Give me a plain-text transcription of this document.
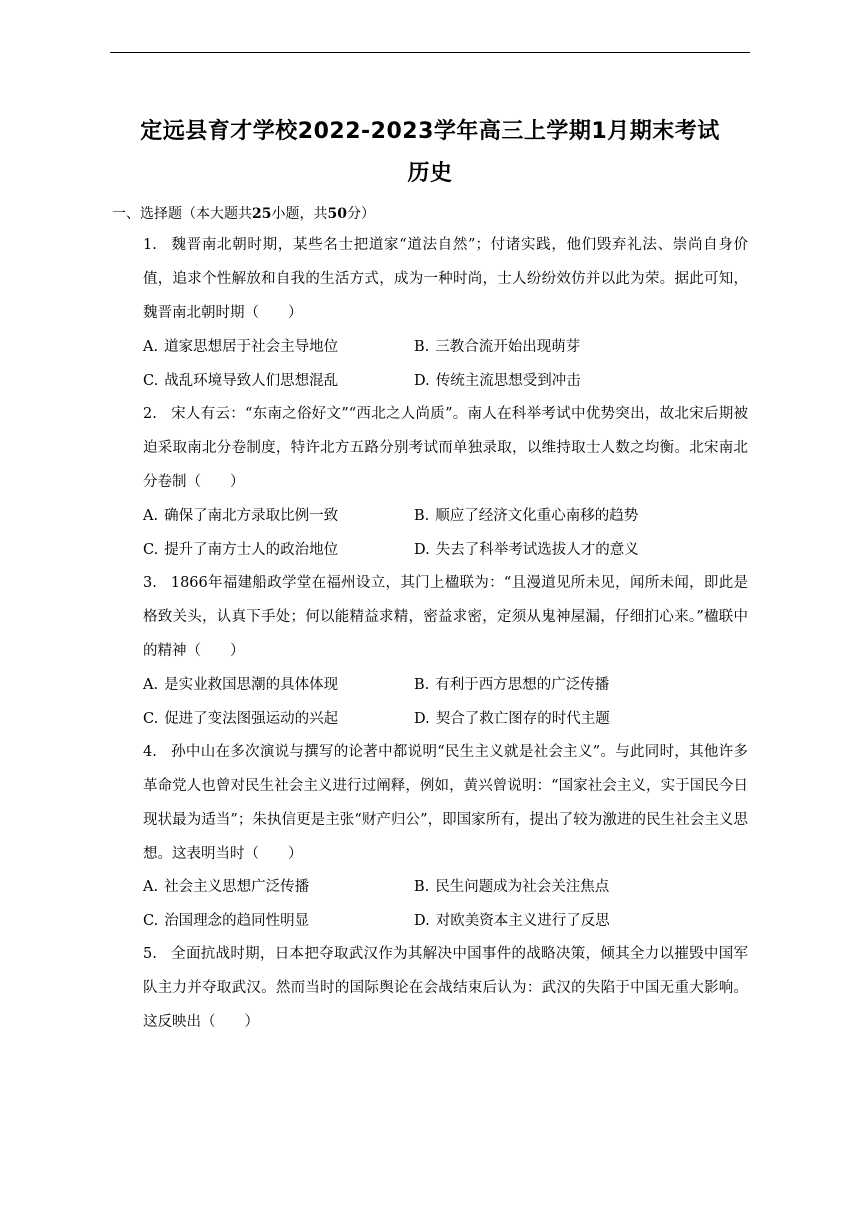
定远县育才学校2022-2023学年高三上学期1月期末考试
历史
一、选择题（本大题共25小题，共50分）
1. 魏晋南北朝时期，某些名士把道家“道法自然”；付诸实践，他们毁弃礼法、崇尚自身价值，追求个性解放和自我的生活方式，成为一种时尚，士人纷纷效仿并以此为荣。据此可知，魏晋南北朝时期（　　）
A. 道家思想居于社会主导地位	B. 三教合流开始出现萌芽
C. 战乱环境导致人们思想混乱	D. 传统主流思想受到冲击
2. 宋人有云：“东南之俗好文”“西北之人尚质”。南人在科举考试中优势突出，故北宋后期被迫采取南北分卷制度，特许北方五路分别考试而单独录取，以维持取士人数之均衡。北宋南北分卷制（　　）
A. 确保了南北方录取比例一致	B. 顺应了经济文化重心南移的趋势
C. 提升了南方士人的政治地位	D. 失去了科举考试选拔人才的意义
3. 1866年福建船政学堂在福州设立，其门上楹联为：“且漫道见所未见，闻所未闻，即此是格致关头，认真下手处；何以能精益求精，密益求密，定须从鬼神屋漏，仔细扪心来。”楹联中的精神（　　）
A. 是实业救国思潮的具体体现	B. 有利于西方思想的广泛传播
C. 促进了变法图强运动的兴起	D. 契合了救亡图存的时代主题
4. 孙中山在多次演说与撰写的论著中都说明“民生主义就是社会主义”。与此同时，其他许多革命党人也曾对民生社会主义进行过阐释，例如，黄兴曾说明：“国家社会主义，实于国民今日现状最为适当”；朱执信更是主张“财产归公”，即国家所有，提出了较为激进的民生社会主义思想。这表明当时（　　）
A. 社会主义思想广泛传播	B. 民生问题成为社会关注焦点
C. 治国理念的趋同性明显	D. 对欧美资本主义进行了反思
5. 全面抗战时期，日本把夺取武汉作为其解决中国事件的战略决策，倾其全力以摧毁中国军队主力并夺取武汉。然而当时的国际舆论在会战结束后认为：武汉的失陷于中国无重大影响。这反映出（　　）
